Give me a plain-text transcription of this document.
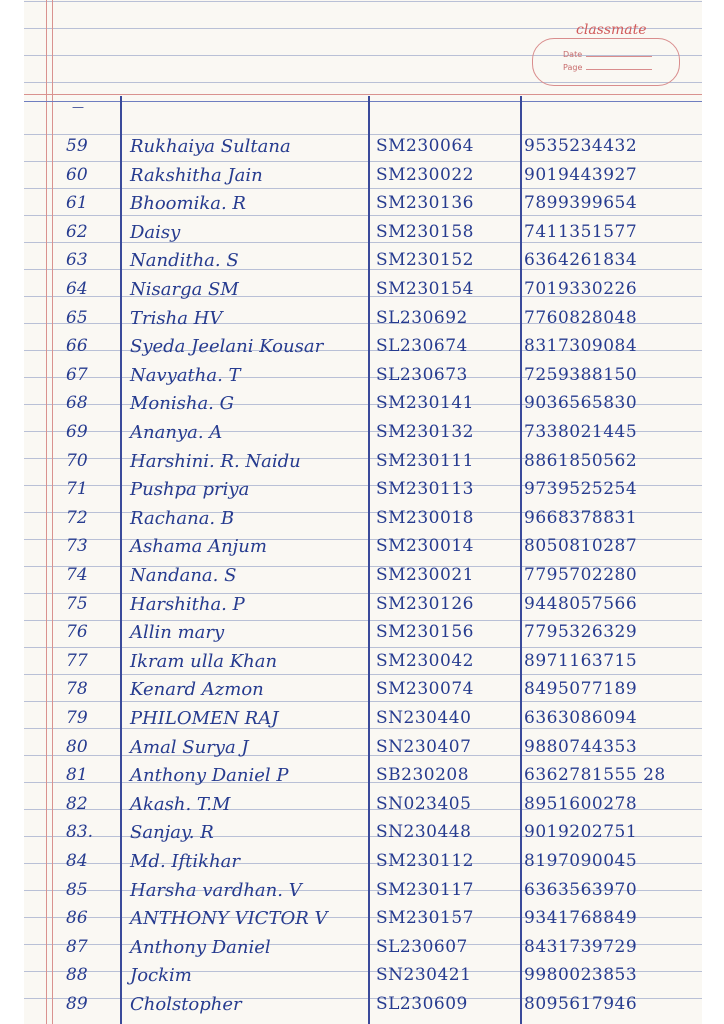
classmate
Date
Page
—
59 Rukhaiya Sultana	SM230064	9535234432
60 Rakshitha Jain	SM230022	9019443927
61 Bhoomika. R	SM230136	7899399654
62 Daisy	SM230158	7411351577
63 Nanditha. S	SM230152	6364261834
64 Nisarga SM	SM230154	7019330226
65 Trisha HV	SL230692	7760828048
66 Syeda Jeelani Kousar	SL230674	8317309084
67 Navyatha. T	SL230673	7259388150
68 Monisha. G	SM230141	9036565830
69 Ananya. A	SM230132	7338021445
70 Harshini. R. Naidu	SM230111	8861850562
71 Pushpa priya	SM230113	9739525254
72 Rachana. B	SM230018	9668378831
73 Ashama Anjum	SM230014	8050810287
74 Nandana. S	SM230021	7795702280
75 Harshitha. P	SM230126	9448057566
76 Allin mary	SM230156	7795326329
77 Ikram ulla Khan	SM230042	8971163715
78 Kenard Azmon	SM230074	8495077189
79 PHILOMEN RAJ	SN230440	6363086094
80 Amal Surya J	SN230407	9880744353
81 Anthony Daniel P	SB230208	6362781555 28
82 Akash. T.M	SN023405	8951600278
83. Sanjay. R	SN230448	9019202751
84 Md. Iftikhar	SM230112	8197090045
85 Harsha vardhan. V	SM230117	6363563970
86 ANTHONY VICTOR V	SM230157	9341768849
87 Anthony Daniel	SL230607	8431739729
88 Jockim	SN230421	9980023853
89 Cholstopher	SL230609	8095617946
